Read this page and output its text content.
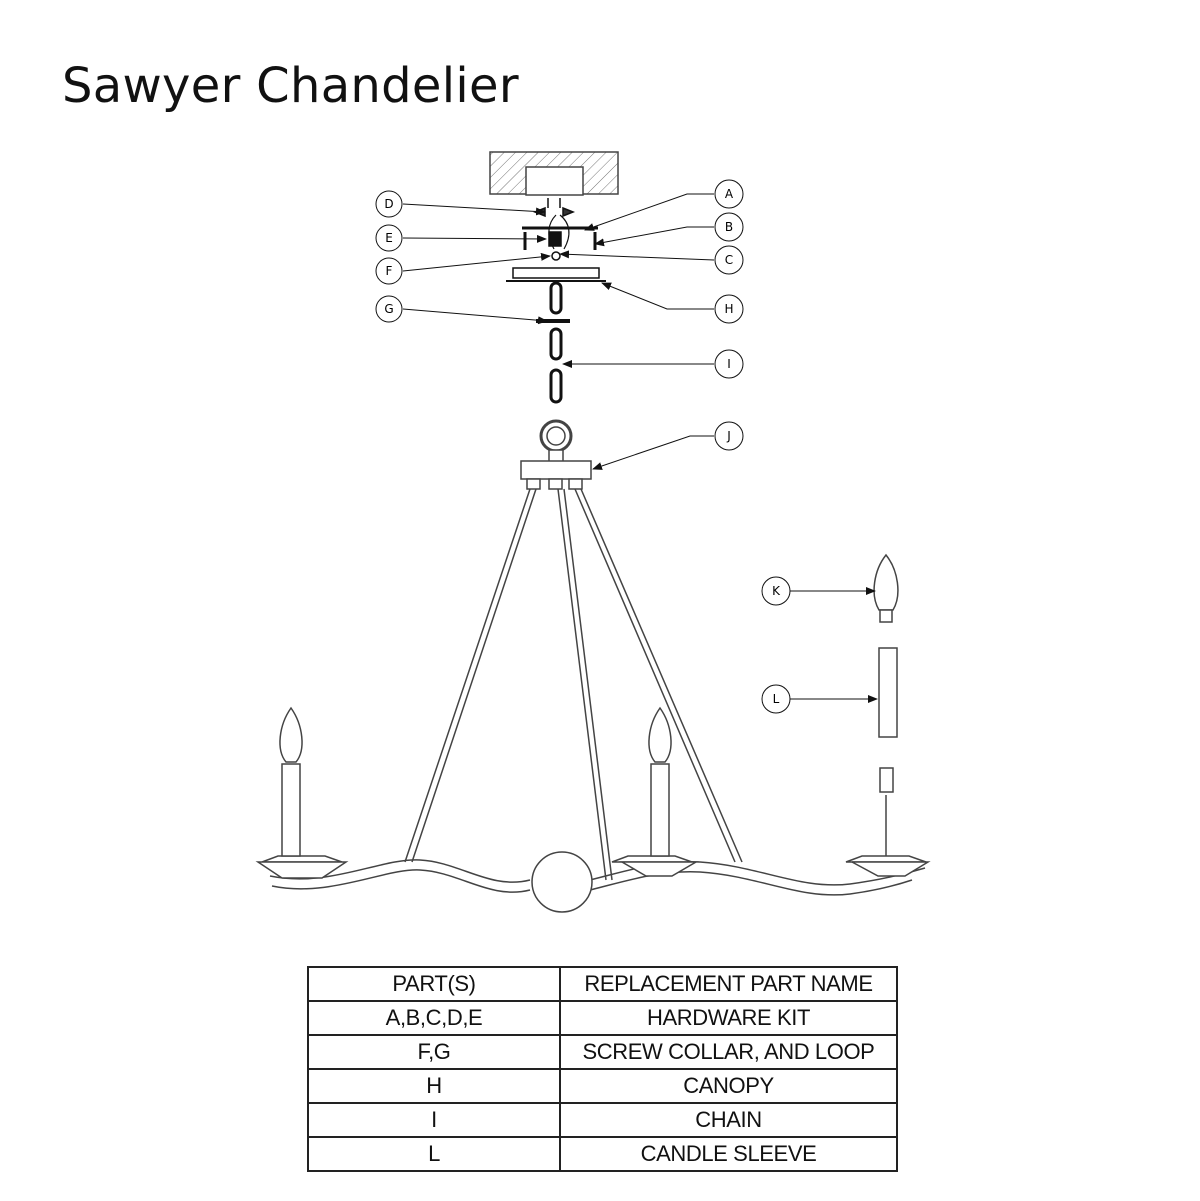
Sawyer Chandelier
D
E
F
G
A
B
C
H
I
J
K
L
PART(S)	REPLACEMENT PART NAME
A,B,C,D,E	HARDWARE KIT
F,G	SCREW COLLAR, AND LOOP
H	CANOPY
I	CHAIN
L	CANDLE SLEEVE
